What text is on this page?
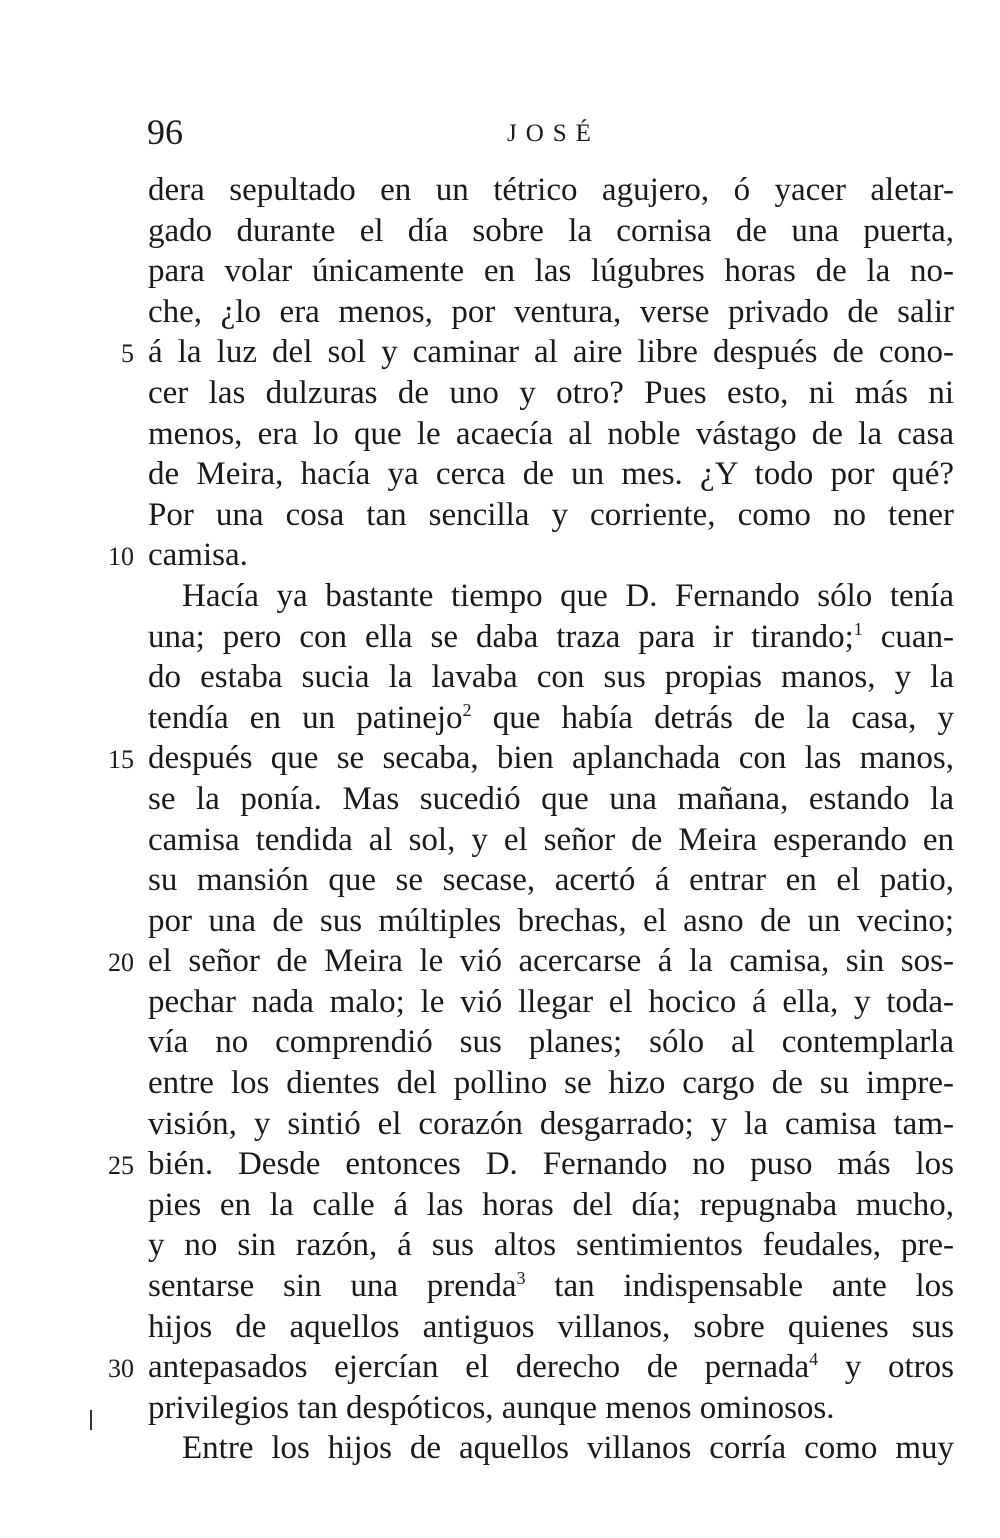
96	JOSÉ
dera sepultado en un tétrico agujero, ó yacer aletar-
gado durante el día sobre la cornisa de una puerta,
para volar únicamente en las lúgubres horas de la no-
che, ¿lo era menos, por ventura, verse privado de salir
5 á la luz del sol y caminar al aire libre después de cono-
cer las dulzuras de uno y otro? Pues esto, ni más ni
menos, era lo que le acaecía al noble vástago de la casa
de Meira, hacía ya cerca de un mes. ¿Y todo por qué?
Por una cosa tan sencilla y corriente, como no tener
10 camisa.
Hacía ya bastante tiempo que D. Fernando sólo tenía
una; pero con ella se daba traza para ir tirando;$^1$ cuan-
do estaba sucia la lavaba con sus propias manos, y la
tendía en un patinejo$^2$ que había detrás de la casa, y
15 después que se secaba, bien aplanchada con las manos,
se la ponía. Mas sucedió que una mañana, estando la
camisa tendida al sol, y el señor de Meira esperando en
su mansión que se secase, acertó á entrar en el patio,
por una de sus múltiples brechas, el asno de un vecino;
20 el señor de Meira le vió acercarse á la camisa, sin sos-
pechar nada malo; le vió llegar el hocico á ella, y toda-
vía no comprendió sus planes; sólo al contemplarla
entre los dientes del pollino se hizo cargo de su impre-
visión, y sintió el corazón desgarrado; y la camisa tam-
25 bién. Desde entonces D. Fernando no puso más los
pies en la calle á las horas del día; repugnaba mucho,
y no sin razón, á sus altos sentimientos feudales, pre-
sentarse sin una prenda$^3$ tan indispensable ante los
hijos de aquellos antiguos villanos, sobre quienes sus
30 antepasados ejercían el derecho de pernada$^4$ y otros
privilegios tan despóticos, aunque menos ominosos.
Entre los hijos de aquellos villanos corría como muy
